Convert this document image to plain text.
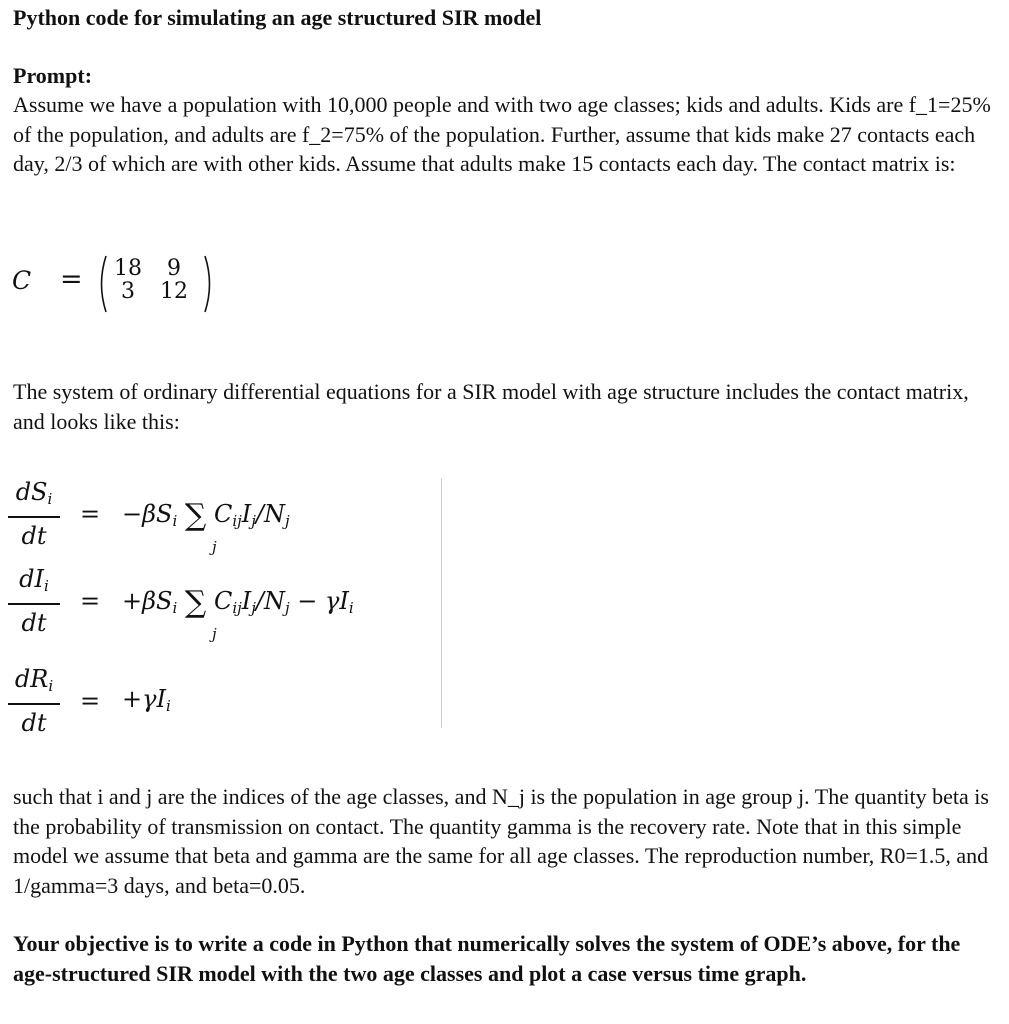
Python code for simulating an age structured SIR model
Prompt:

Assume we have a population with 10,000 people and with two age classes; kids and adults. Kids are f_1=25% of the population, and adults are f_2=75% of the population. Further, assume that kids make 27 contacts each day, 2/3 of which are with other kids. Assume that adults make 15 contacts each day. The contact matrix is:

C = 18	9
3	12

The system of ordinary differential equations for a SIR model with age structure includes the contact matrix, and looks like this:

$dS_i$
dt
= $-\beta S_i$ ∑ $C_{ij}I_j/N_j$
j
$dI_i$
dt
= $+\beta S_i$ ∑ $C_{ij}I_j/N_j - \gamma I_i$
j
$dR_i$
dt
= $+\gamma I_i$

such that i and j are the indices of the age classes, and N_j is the population in age group j. The quantity beta is the probability of transmission on contact. The quantity gamma is the recovery rate. Note that in this simple model we assume that beta and gamma are the same for all age classes. The reproduction number, R0=1.5, and 1/gamma=3 days, and beta=0.05.

Your objective is to write a code in Python that numerically solves the system of ODE’s above, for the age-structured SIR model with the two age classes and plot a case versus time graph.
